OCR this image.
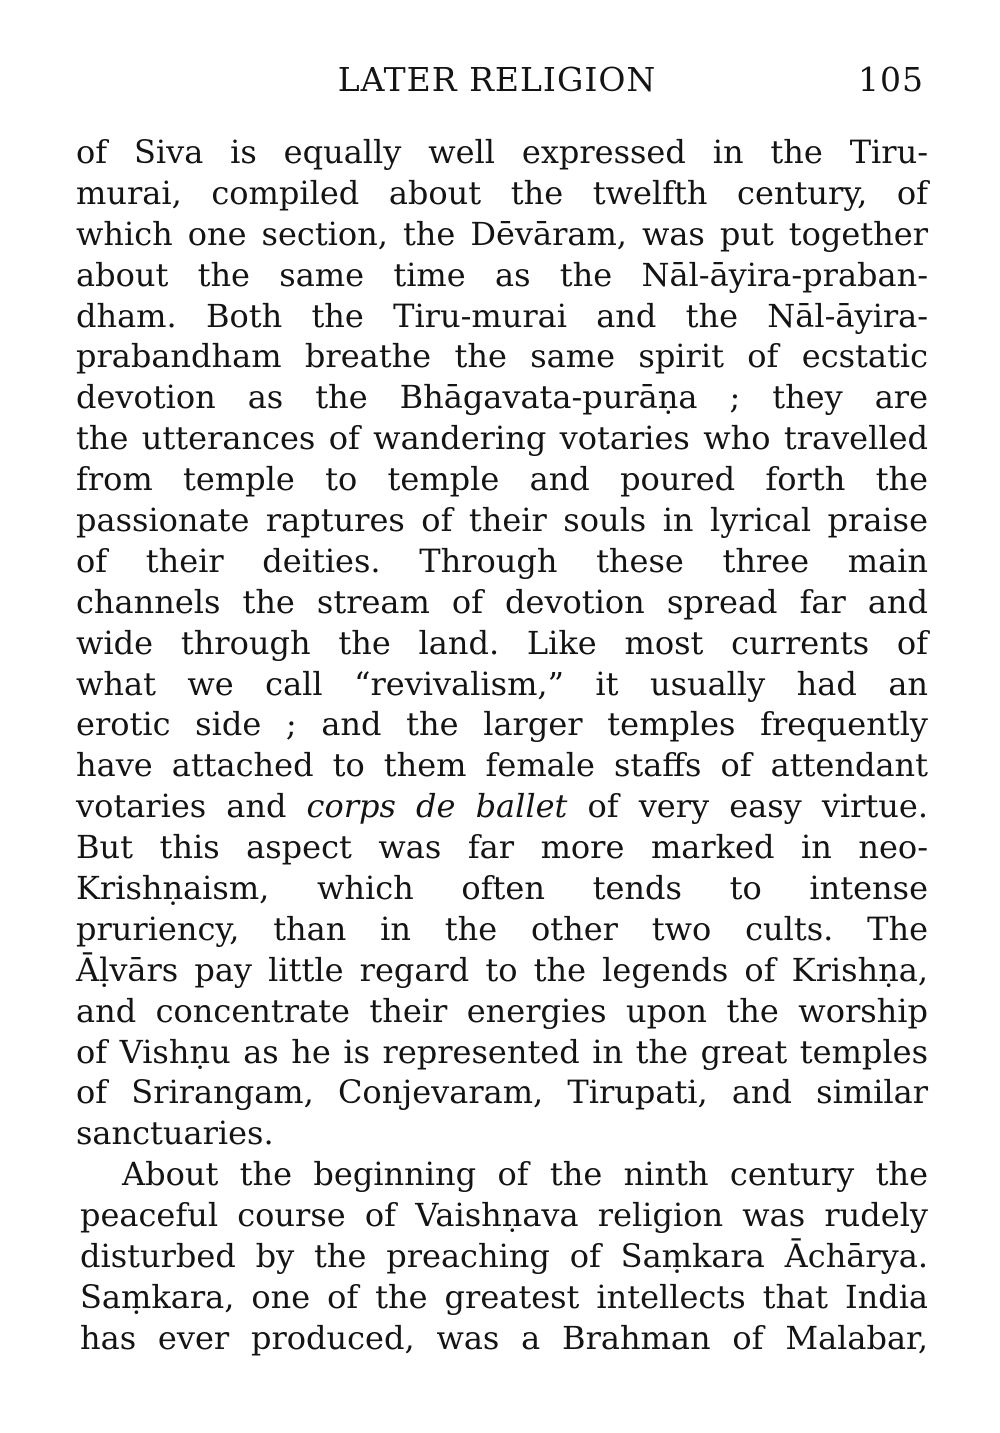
LATER RELIGION	105
of Siva is equally well expressed in the Tiru-
murai, compiled about the twelfth century, of
which one section, the Dēvāram, was put together
about the same time as the Nāl-āyira-praban-
dham. Both the Tiru-murai and the Nāl-āyira-
prabandham breathe the same spirit of ecstatic
devotion as the Bhāgavata-purāṇa ; they are
the utterances of wandering votaries who travelled
from temple to temple and poured forth the
passionate raptures of their souls in lyrical praise
of their deities. Through these three main
channels the stream of devotion spread far and
wide through the land. Like most currents of
what we call “revivalism,” it usually had an
erotic side ; and the larger temples frequently
have attached to them female staffs of attendant
votaries and corps de ballet of very easy virtue.
But this aspect was far more marked in neo-
Krishṇaism, which often tends to intense
pruriency, than in the other two cults. The
Āḷvārs pay little regard to the legends of Krishṇa,
and concentrate their energies upon the worship
of Vishṇu as he is represented in the great temples
of Srirangam, Conjevaram, Tirupati, and similar
sanctuaries.
About the beginning of the ninth century the
peaceful course of Vaishṇava religion was rudely
disturbed by the preaching of Saṃkara Āchārya.
Saṃkara, one of the greatest intellects that India
has ever produced, was a Brahman of Malabar,
